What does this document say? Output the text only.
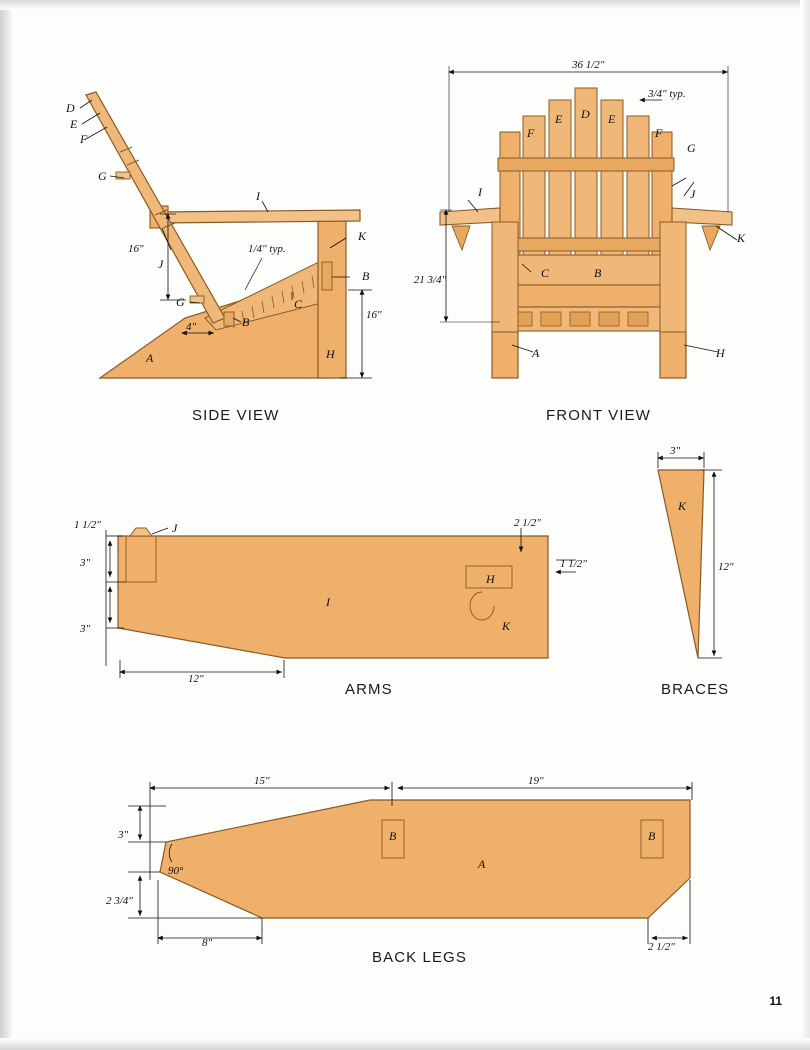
16"	1/4" typ.
4"
16"
D
E
F
G
G
I
K
B
B
C
J
A	H
36 1/2"
3/4" typ.
21 3/4"
F
E D E
F
G
I	J
K
C	B
A	H
1 1/2"
3"
3"
12"
2 1/2"
1 1/2"
J
I
H
K
3"
12"
K
15"	19"
3"
90°
2 3/4"
8"	2 1/2"
B	B
A
SIDE VIEW	FRONT VIEW
ARMS	BRACES
BACK LEGS
11
